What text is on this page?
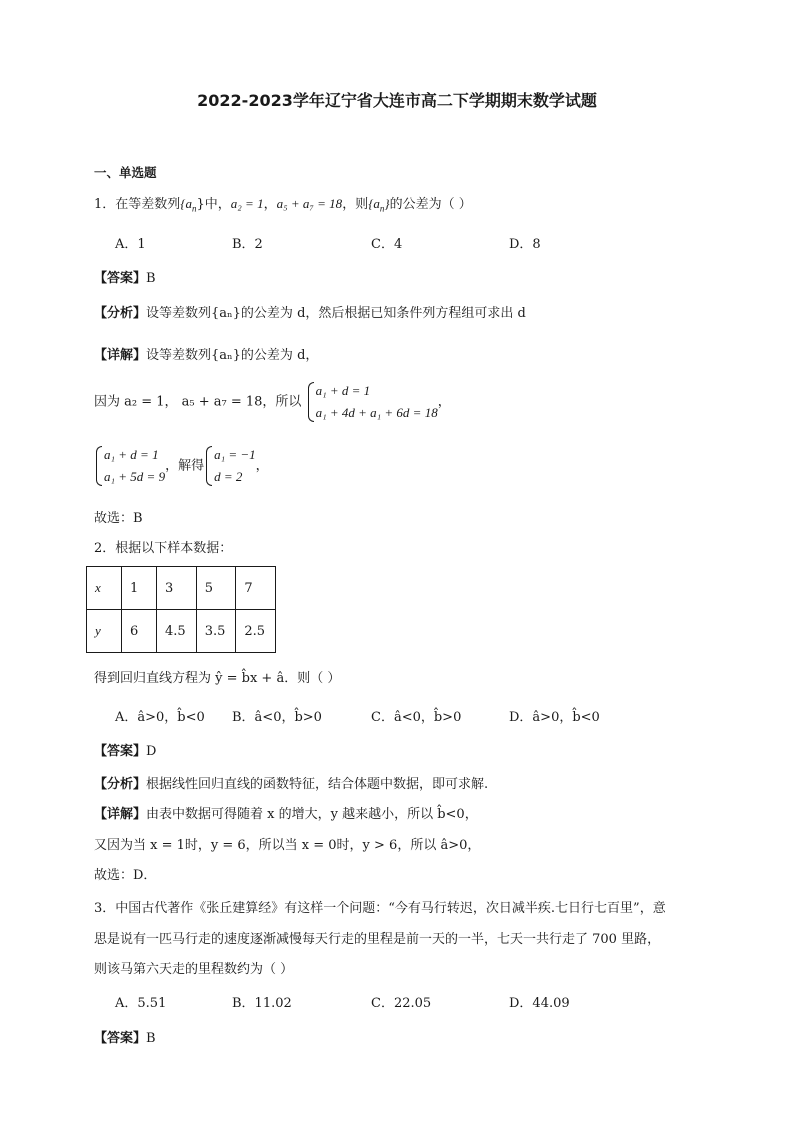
2022-2023学年辽宁省大连市高二下学期期末数学试题
一、单选题
1．在等差数列$\{a_n\}$中，a₂ = 1，a₅ + a₇ = 18，则$\{a_n\}$的公差为（ ）
A．1	B．2	C．4	D．8
【答案】B
【分析】设等差数列{aₙ}的公差为 d，然后根据已知条件列方程组可求出 d
【详解】设等差数列{aₙ}的公差为 d，
因为 a₂ = 1， a₅ + a₇ = 18，所以
a₁ + d = 1
a₁ + 4d + a₁ + 6d = 18
，
a₁ + d = 1
a₁ + 5d = 9
，解得
a₁ = −1
d = 2
，
故选：B
2．根据以下样本数据：
x	1	3	5	7
y	6	4.5	3.5	2.5
得到回归直线方程为 ŷ = b̂x + â．则（ ）
A．â>0，b̂<0 B．â<0，b̂>0	C．â<0，b̂>0	D．â>0，b̂<0
【答案】D
【分析】根据线性回归直线的函数特征，结合体题中数据，即可求解.
【详解】由表中数据可得随着 x 的增大，y 越来越小，所以 b̂<0，
又因为当 x = 1时，y = 6，所以当 x = 0时，y > 6，所以 â>0，
故选：D．
3．中国古代著作《张丘建算经》有这样一个问题：“今有马行转迟，次日减半疾.七日行七百里”，意
思是说有一匹马行走的速度逐渐减慢每天行走的里程是前一天的一半，七天一共行走了 700 里路，
则该马第六天走的里程数约为（ ）
A．5.51	B．11.02	C．22.05	D．44.09
【答案】B
